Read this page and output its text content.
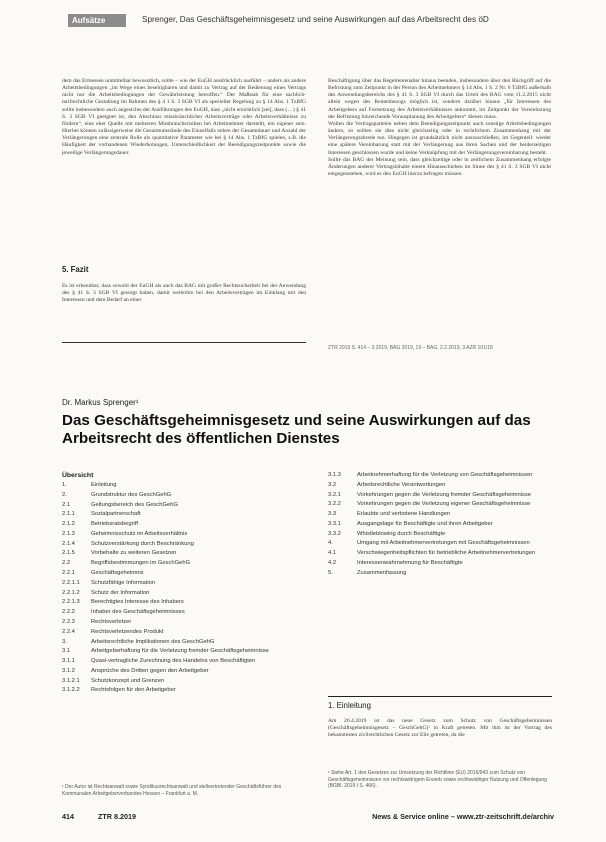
Aufsätze	Sprenger, Das Geschäftsgeheimnisgesetz und seine Auswirkungen auf das Arbeitsrecht des öD

dem das Ermessen unmittelbar bewusstlich, sollte – wie der EuGH ausdrücklich ausführt – anders als andere Arbeitsbedingungen „im Wege eines beseitigbaren und damit zu Vertrag auf der Bedienung eines Vertrags nicht nur die Arbeitsbedingungen der Gewährleistung betroffen.“ Der Maßstab für eine sachlich-tarifrechtliche Gestaltung im Rahmen des § 4 1 S. 3 SGB VI als spezieller Regelung zu § 14 Abs. 1 TzBfG sollte insbesondere auch angesichts der Ausführungen des EuGH, dass „nicht ersichtlich [sei], dass (…) § 41 S. 3 SGB VI geeignet ist, den Abschluss missbräuchlicher Arbeitsverträge oder Arbeitsverhältnisse zu fördern“, eine eher Quelle mit mehreren Missbrauchsrisiken bei Arbeitnehmer darstellt, ein eigener sein. Hierbei können zulässigerweise die Gesamtumstände des Einzelfalls neben der Gesamtdauer und Anzahl der Verlängerungen eine zentrale Rolle als quantitative Parameter wie bei § 14 Abs. 1 TzBfG spielen, z.B. die Häufigkeit der vorhandenen Wiederholungen, Unterschiedlichkeit der Beendigungszeitpunkte sowie die jeweilige Verlängerungsdauer.

Beschäftigung über das Regelrentenalter hinaus beenden, insbesondere über den Rückgriff auf die Befristung zum Zeitpunkt in der Person des Arbeitnehmers § 14 Abs. 1 S. 2 Nr. 6 TzBfG außerhalb des Anwendungsbereichs des § 41 S. 3 SGB VI durch das Urteil des BAG vom 11.2.2015 nicht allein wegen des Rentenbezugs möglich ist, sondern darüber hinaus „für Interessen des Arbeitgebers auf Fortsetzung des Arbeitsverhältnisses ankommt, im Zeitpunkt der Vereinbarung der Befristung hinreichende Vorausplanung des Arbeitgebers“ dienen muss.

Wollen die Vertragsparteien neben dem Beendigungszeitpunkt auch sonstige Arbeitsbedingungen ändern, so sollten sie dies nicht gleichzeitig oder in rechtlichem Zusammenhang mit der Verlängerungsabrede tun. Hingegen ist grundsätzlich nicht auszuschließen, im Gegenteil: wieder eine spätere Vereinbarung statt mit der Verlängerung aus ihren Sachen und der beiderseitigen Interessen geschlossen wurde und keine Verknüpfung mit der Verlängerungsvereinbarung besteht.

Sollte das BAG der Meinung sein, dass gleichzeitige oder in zeitlichem Zusammenhang erfolgte Änderungen anderer Vertragsinhalte einem Hinausschieben im Sinne des § 41 S. 3 SGB VI nicht entgegenstehen, wird es den EuGH hierzu befragen müssen.

5. Fazit
Es ist erkennbar, dass sowohl der EuGH als auch das BAG mit großer Rechtssicherheit bei der Anwendung des § 41 S. 3 SGB VI gesorgt haben, damit weiterhin bei den Arbeitsverträgen im Einklang mit den Interessen und dem Bedarf an einer
ZTR 2019 S. 414 – 3.2019, BAG 2019, 19 – BAG, 2.2.2019, 3 AZR 101/18
Dr. Markus Sprenger¹
Das Geschäftsgeheimnisgesetz und seine Auswirkungen auf das Arbeitsrecht des öffentlichen Dienstes
Übersicht
1.	Einleitung
2.	Grundstruktur des GeschGehG
2.1	Geltungsbereich des GeschGehG
2.1.1	Sozialpartnerschaft
2.1.2	Betriebsratsbegriff
2.1.3	Geheimnisschutz im Arbeitsverhältnis
2.1.4	Schutzverstärkung durch Beschränkung
2.1.5	Vorbehalte zu weiteren Gesetzen
2.2	Begriffsbestimmungen im GeschGehG
2.2.1	Geschäftsgeheimnis
2.2.1.1	Schutzfähige Information
2.2.1.2	Schutz der Information
2.2.1.3	Berechtigtes Interesse des Inhabers
2.2.2	Inhaber des Geschäftsgeheimnisses
2.2.3	Rechtsverletzer
2.2.4	Rechtsverletzendes Produkt
3.	Arbeitsrechtliche Implikationen des GeschGehG
3.1	Arbeitgeberhaftung für die Verletzung fremder Geschäftsgeheimnisse
3.1.1	Quasi-vertragliche Zurechnung des Handelns von Beschäftigten
3.1.2	Ansprüche des Dritten gegen den Arbeitgeber
3.1.2.1	Schutzkonzept und Grenzen
3.1.2.2	Rechtsfolgen für den Arbeitgeber
3.1.3	Arbeitnehmerhaftung für die Verletzung von Geschäftsgeheimnissen
3.2	Arbeitsrechtliche Verantwortungen
3.2.1	Vorkehrungen gegen die Verletzung fremder Geschäftsgeheimnisse
3.2.2	Vorkehrungen gegen die Verletzung eigener Geschäftsgeheimnisse
3.3	Erlaubte und verbotene Handlungen
3.3.1	Ausgangslage für Beschäftigte und ihren Arbeitgeber
3.3.2	Whistleblowing durch Beschäftigte
4.	Umgang mit Arbeitnehmervertretungen mit Geschäftsgeheimnissen
4.1	Verschwiegenheitspflichten für betriebliche Arbeitnehmervertretungen
4.2	Interessenwahrnehmung für Beschäftigte
5.	Zusammenfassung
1. Einleitung
Am 26.4.2019 ist das neue Gesetz zum Schutz von Geschäftsgeheimnissen (Geschäftsgeheimnisgesetz – GeschGehG)¹ in Kraft getreten. Mit ihm ist der Vortrag des bekanntesten zivilrechtlichen Gesetz zur Eile getreten, da die
¹ Der Autor ist Rechtsanwalt sowie Syndikusrechtsanwalt und stellvertretender Geschäftsführer des Kommunalen Arbeitgeberverbandes Hessen – Frankfurt a. M.
¹ Siehe Art. 1 des Gesetzes zur Umsetzung der Richtlinie (EU) 2016/943 zum Schutz von Geschäftsgeheimnissen vor rechtswidrigem Erwerb sowie rechtswidriger Nutzung und Offenlegung (BGBl. 2019 I S. 466).
414	ZTR 8.2019	News & Service online – www.ztr-zeitschrift.de/archiv
